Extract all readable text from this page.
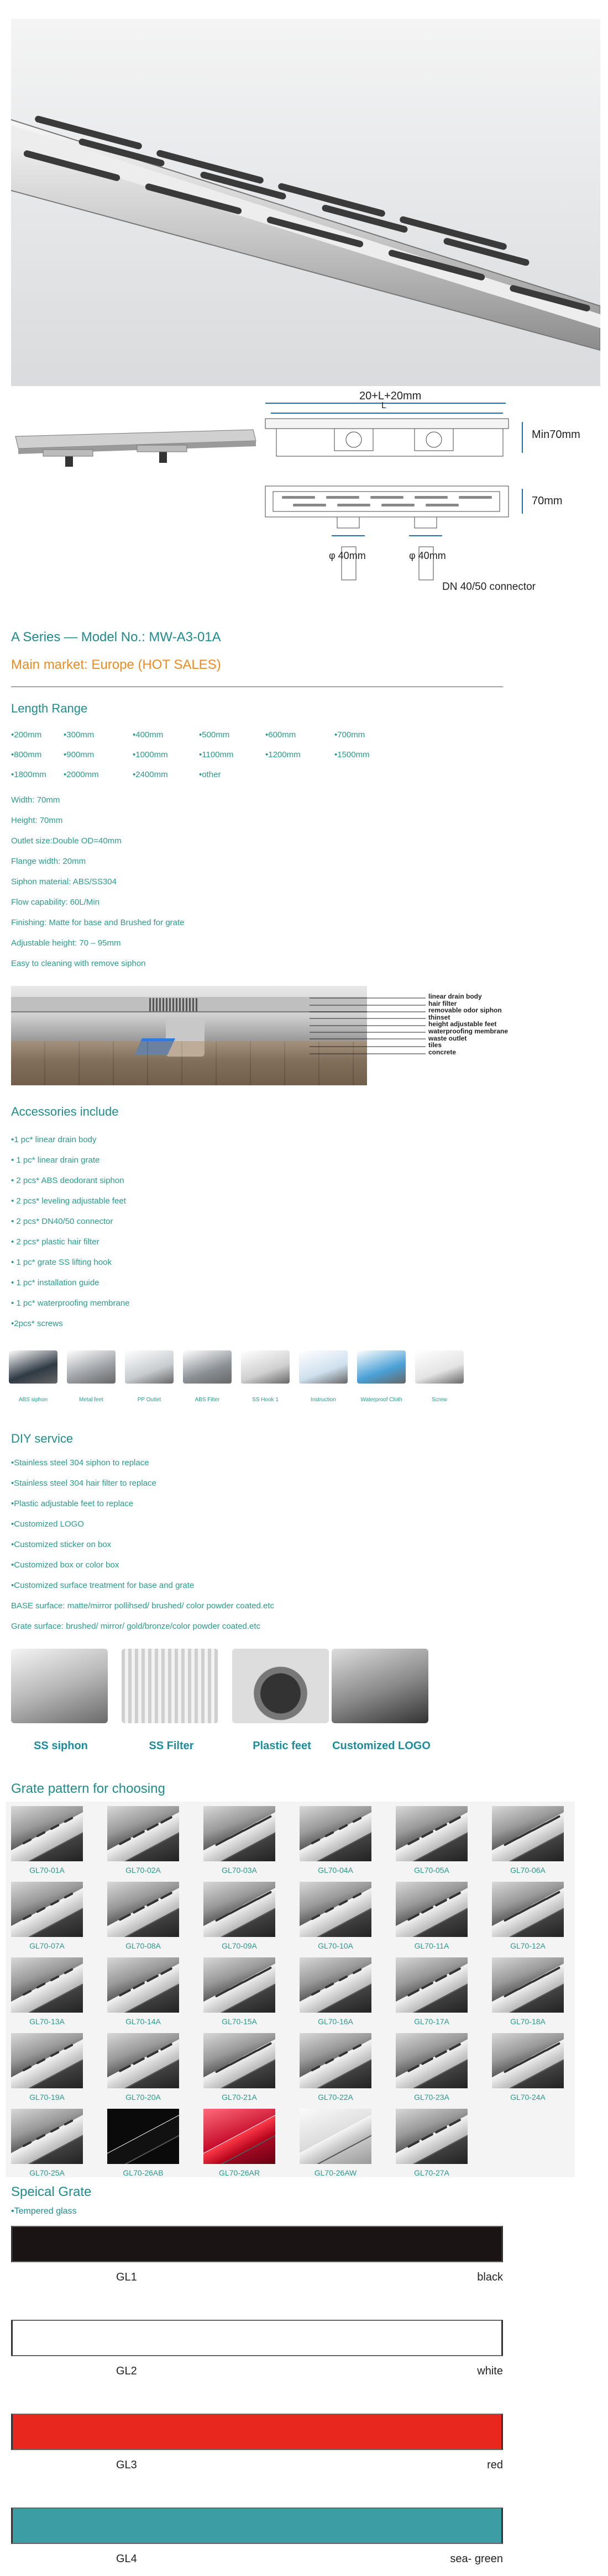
20+L+20mm
L
Min70mm
70mm
φ 40mm	φ 40mm
DN 40/50 connector
A Series — Model No.: MW-A3-01A
Main market: Europe (HOT SALES)
Length Range
•200mm	•300mm	•400mm	•500mm	•600mm	•700mm
•800mm	•900mm	•1000mm	•1100mm	•1200mm	•1500mm
•1800mm •2000mm	•2400mm	•other
Width: 70mm
Height: 70mm
Outlet size:Double OD=40mm
Flange width: 20mm
Siphon material: ABS/SS304
Flow capability: 60L/Min
Finishing: Matte for base and Brushed for grate
Adjustable height: 70 – 95mm
Easy to cleaning with remove siphon
linear drain body
hair filter
removable odor siphon
thinset
height adjustable feet
waterproofing membrane
waste outlet
tiles
concrete
Accessories include
•1 pc* linear drain body
• 1 pc* linear drain grate
• 2 pcs* ABS deodorant siphon
• 2 pcs* leveling adjustable feet
• 2 pcs* DN40/50 connector
• 2 pcs* plastic hair filter
• 1 pc* grate SS lifting hook
• 1 pc* installation guide
• 1 pc* waterproofing membrane
•2pcs* screws
ABS siphon	Metal feet	PP Outlet	ABS Filter	SS Hook 1	Instruction	Waterproof Cloth	Screw
DIY service
•Stainless steel 304 siphon to replace
•Stainless steel 304 hair filter to replace
•Plastic adjustable feet to replace
•Customized LOGO
•Customized sticker on box
•Customized box or color box
•Customized surface treatment for base and grate
BASE surface: matte/mirror pollihsed/ brushed/ color powder coated.etc
Grate surface: brushed/ mirror/ gold/bronze/color powder coated.etc
SS siphon	SS Filter	Plastic feet	Customized LOGO
Grate pattern for choosing
GL70-01A	GL70-02A	GL70-03A	GL70-04A	GL70-05A	GL70-06A
GL70-07A	GL70-08A	GL70-09A	GL70-10A	GL70-11A	GL70-12A
GL70-13A	GL70-14A	GL70-15A	GL70-16A	GL70-17A	GL70-18A
GL70-19A	GL70-20A	GL70-21A	GL70-22A	GL70-23A	GL70-24A
GL70-25A	GL70-26AB	GL70-26AR	GL70-26AW	GL70-27A
Speical Grate
•Tempered glass
GL1	black
GL2	white
GL3	red
GL4	sea- green
